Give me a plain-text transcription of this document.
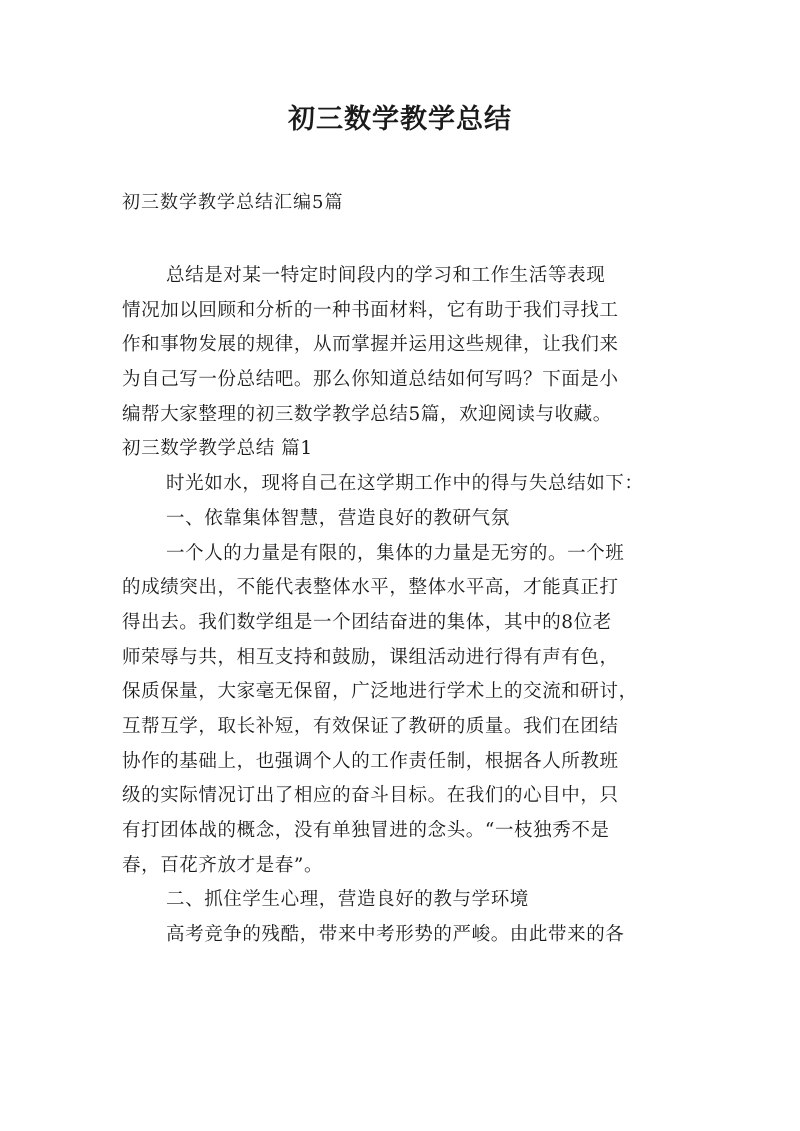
初三数学教学总结
初三数学教学总结汇编5篇
总结是对某一特定时间段内的学习和工作生活等表现
情况加以回顾和分析的一种书面材料，它有助于我们寻找工
作和事物发展的规律，从而掌握并运用这些规律，让我们来
为自己写一份总结吧。那么你知道总结如何写吗？下面是小
编帮大家整理的初三数学教学总结5篇，欢迎阅读与收藏。
初三数学教学总结 篇1
时光如水，现将自己在这学期工作中的得与失总结如下：
一、依靠集体智慧，营造良好的教研气氛
一个人的力量是有限的，集体的力量是无穷的。一个班
的成绩突出，不能代表整体水平，整体水平高，才能真正打
得出去。我们数学组是一个团结奋进的集体，其中的8位老
师荣辱与共，相互支持和鼓励，课组活动进行得有声有色，
保质保量，大家毫无保留，广泛地进行学术上的交流和研讨，
互帮互学，取长补短，有效保证了教研的质量。我们在团结
协作的基础上，也强调个人的工作责任制，根据各人所教班
级的实际情况订出了相应的奋斗目标。在我们的心目中，只
有打团体战的概念，没有单独冒进的念头。“一枝独秀不是
春，百花齐放才是春”。
二、抓住学生心理，营造良好的教与学环境
高考竞争的残酷，带来中考形势的严峻。由此带来的各
